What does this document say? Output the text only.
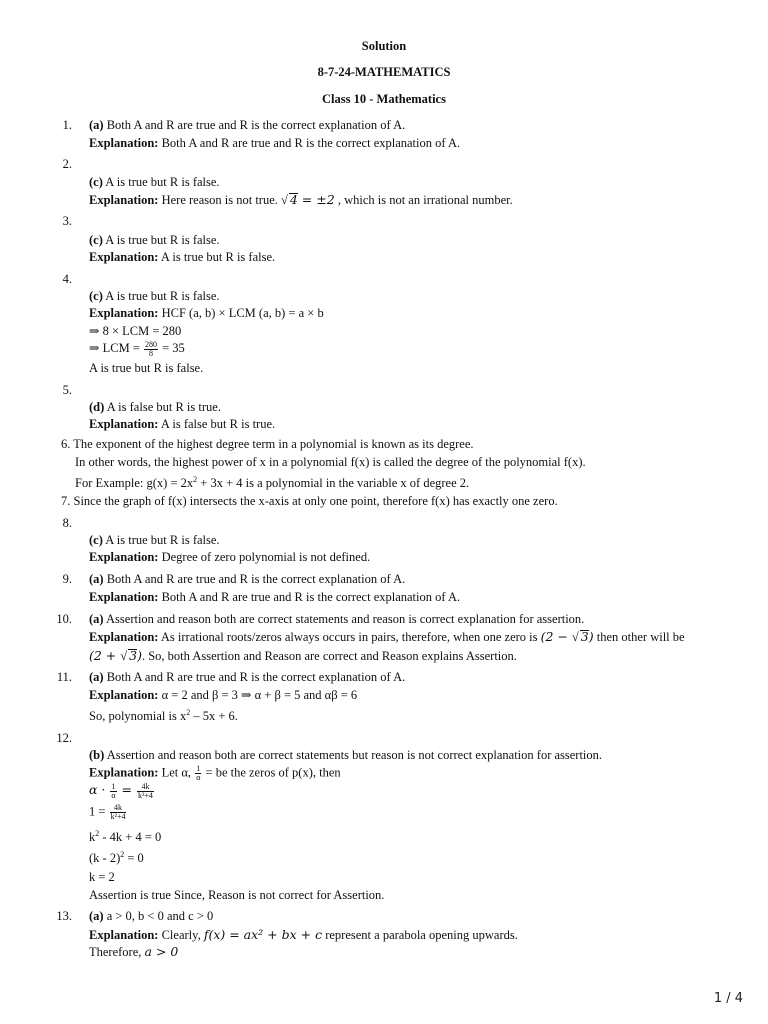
Solution
8-7-24-MATHEMATICS
Class 10 - Mathematics
1. (a) Both A and R are true and R is the correct explanation of A.
Explanation: Both A and R are true and R is the correct explanation of A.
2.
(c) A is true but R is false.
Explanation: Here reason is not true. √ 4 = ±2 , which is not an irrational number.
3.
(c) A is true but R is false.
Explanation: A is true but R is false.
4.
(c) A is true but R is false.
Explanation: HCF (a, b) × LCM (a, b) = a × b
⇒ 8 × LCM = 280
⇒ LCM = $\frac{280}{8} = 35$
A is true but R is false.
5.
(d) A is false but R is true.
Explanation: A is false but R is true.
6. The exponent of the highest degree term in a polynomial is known as its degree.
In other words, the highest power of x in a polynomial f(x) is called the degree of the polynomial f(x).
For Example: $g(x) = 2x^2 + 3x + 4$ is a polynomial in the variable x of degree 2.
7. Since the graph of f(x) intersects the x-axis at only one point, therefore f(x) has exactly one zero.
8.
(c) A is true but R is false.
Explanation: Degree of zero polynomial is not defined.
9. (a) Both A and R are true and R is the correct explanation of A.
Explanation: Both A and R are true and R is the correct explanation of A.
10. (a) Assertion and reason both are correct statements and reason is correct explanation for assertion.
Explanation: As irrational roots/zeros always occurs in pairs, therefore, when one zero is (2 − √ 3) then other will be
(2 + √ 3). So, both Assertion and Reason are correct and Reason explains Assertion.
11. (a) Both A and R are true and R is the correct explanation of A.
Explanation: α = 2 and β = 3 ⇒ α + β = 5 and αβ = 6
So, polynomial is $x^2 - 5x + 6$.
12.
(b) Assertion and reason both are correct statements but reason is not correct explanation for assertion.
Explanation: Let α, $\frac{1}{\alpha}$ = be the zeros of p(x), then
$\alpha \cdot \frac{1}{\alpha} = \frac{4k}{\text{k²+4}}$
$1 = \frac{4k}{\text{k²+4}}$
$k^2 - 4k + 4 = 0$
(k - 2)$^2$ = 0
k = 2
Assertion is true Since, Reason is not correct for Assertion.
13. (a) a > 0, b < 0 and c > 0
Explanation: Clearly, f(x) = ax² + bx + c represent a parabola opening upwards.
Therefore, a > 0
1 / 4
